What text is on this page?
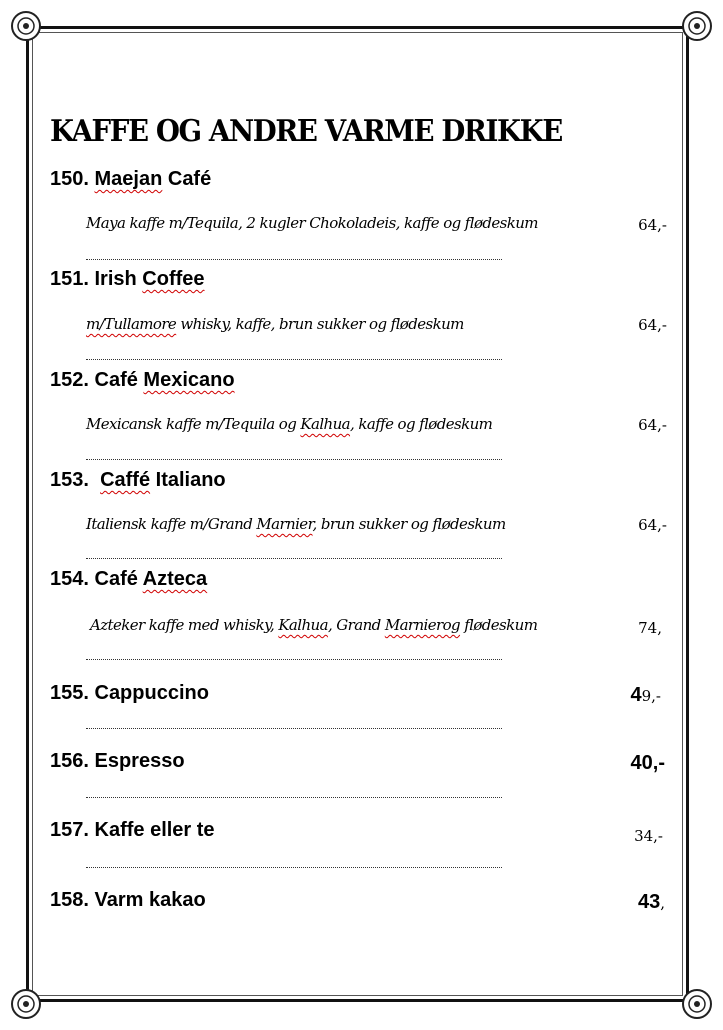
KAFFE OG ANDRE VARME DRIKKE
150. Maejan Café
Maya kaffe m/Tequila, 2 kugler Chokoladeis, kaffe og flødeskum	64,-
151. Irish Coffee
m/Tullamore whisky, kaffe, brun sukker og flødeskum	64,-
152. Café Mexicano
Mexicansk kaffe m/Tequila og Kalhua, kaffe og flødeskum	64,-
153. Caffé Italiano
Italiensk kaffe m/Grand Marnier, brun sukker og flødeskum	64,-
154. Café Azteca
Azteker kaffe med whisky, Kalhua, Grand Marnierog flødeskum	74,
155. Cappuccino	49,-
156. Espresso	40,-
157. Kaffe eller te	34,-
158. Varm kakao	43,
